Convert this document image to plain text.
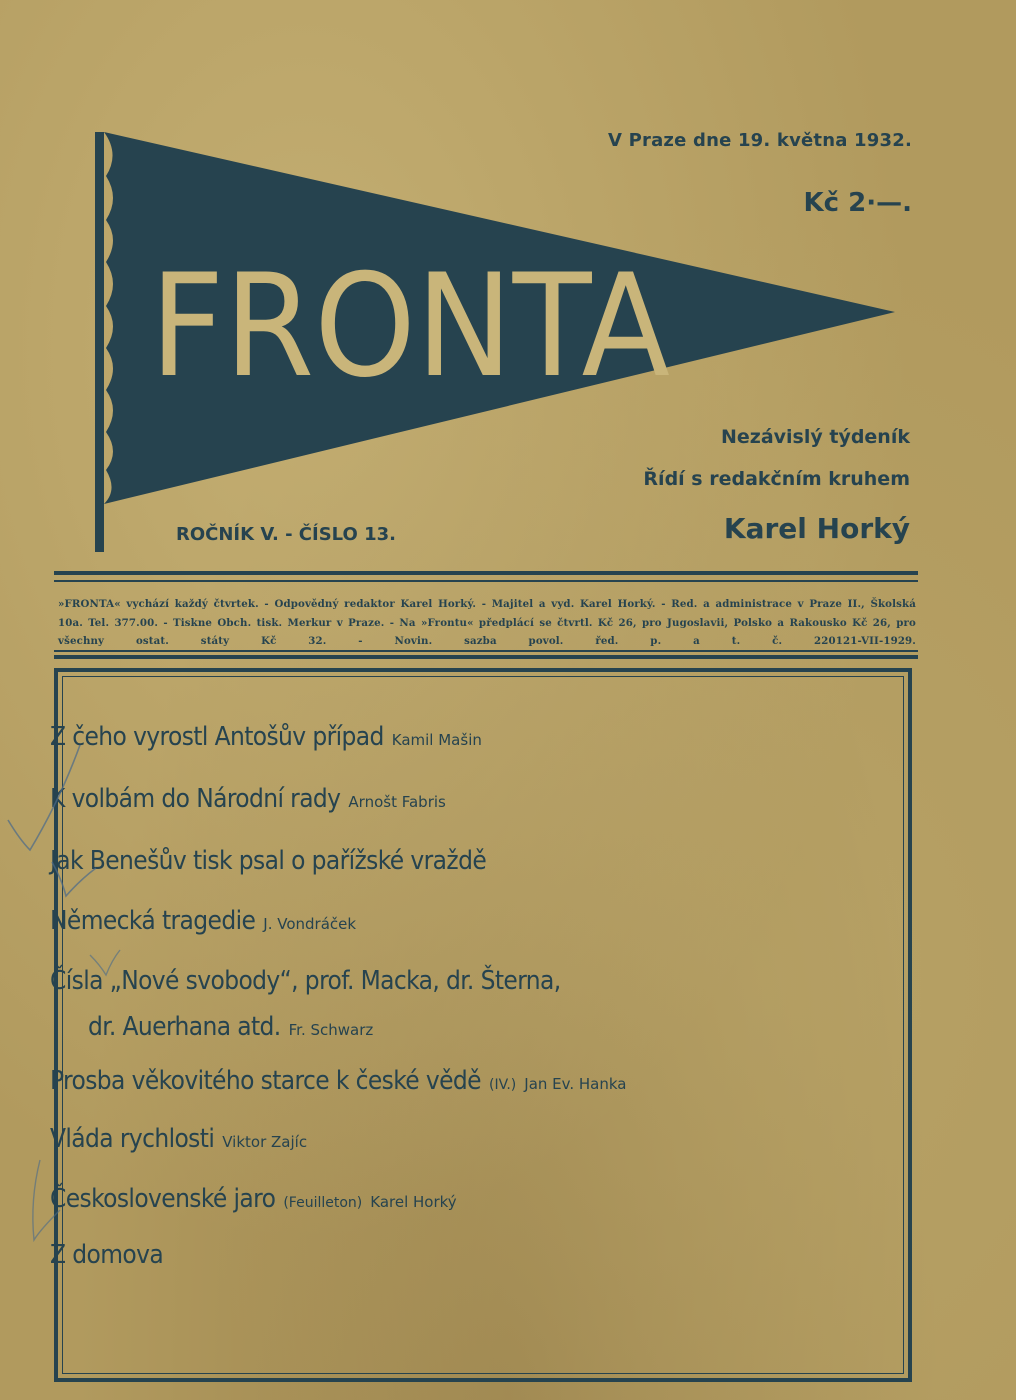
FRONTA
V Praze dne 19. května 1932.
Kč 2·—.
Nezávislý týdeník
Řídí s redakčním kruhem
Karel Horký
ROČNÍK V. - ČÍSLO 13.
»FRONTA« vychází každý čtvrtek. - Odpovědný redaktor Karel Horký. - Majitel a vyd. Karel Horký. - Red. a administrace v Praze II., Školská 10a. Tel. 377.00. - Tiskne Obch. tisk. Merkur v Praze. - Na »Frontu« předplácí se čtvrtl. Kč 26, pro Jugoslavii, Polsko a Rakousko Kč 26, pro všechny ostat. státy Kč 32. - Novin. sazba povol. řed. p. a t. č. 220121-VII-1929.
Z čeho vyrostl Antošův případ Kamil Mašin
K volbám do Národní rady Arnošt Fabris
Jak Benešův tisk psal o pařížské vraždě
Německá tragedie J. Vondráček
Čísla „Nové svobody“, prof. Macka, dr. Šterna,
dr. Auerhana atd. Fr. Schwarz
Prosba věkovitého starce k české vědě (IV.) Jan Ev. Hanka
Vláda rychlosti Viktor Zajíc
Československé jaro (Feuilleton) Karel Horký
Z domova
